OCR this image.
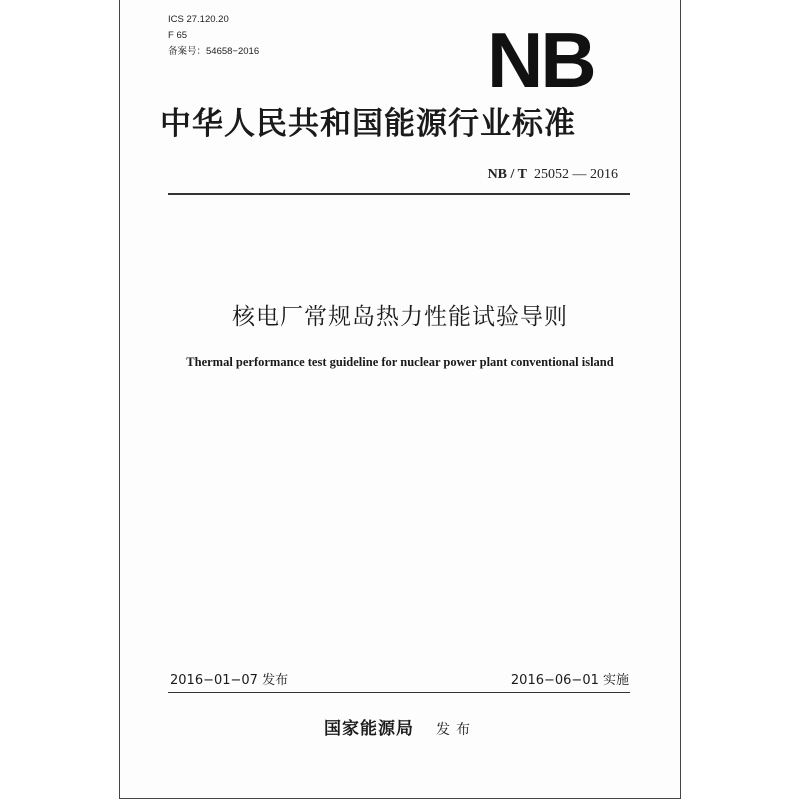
ICS 27.120.20
F 65
备案号：54658−2016	NB
中华人民共和国能源行业标准
NB / T 25052 — 2016
核电厂常规岛热力性能试验导则
Thermal performance test guideline for nuclear power plant conventional island
2016−01−07 发布	2016−06−01 实施
国家能源局 发布
